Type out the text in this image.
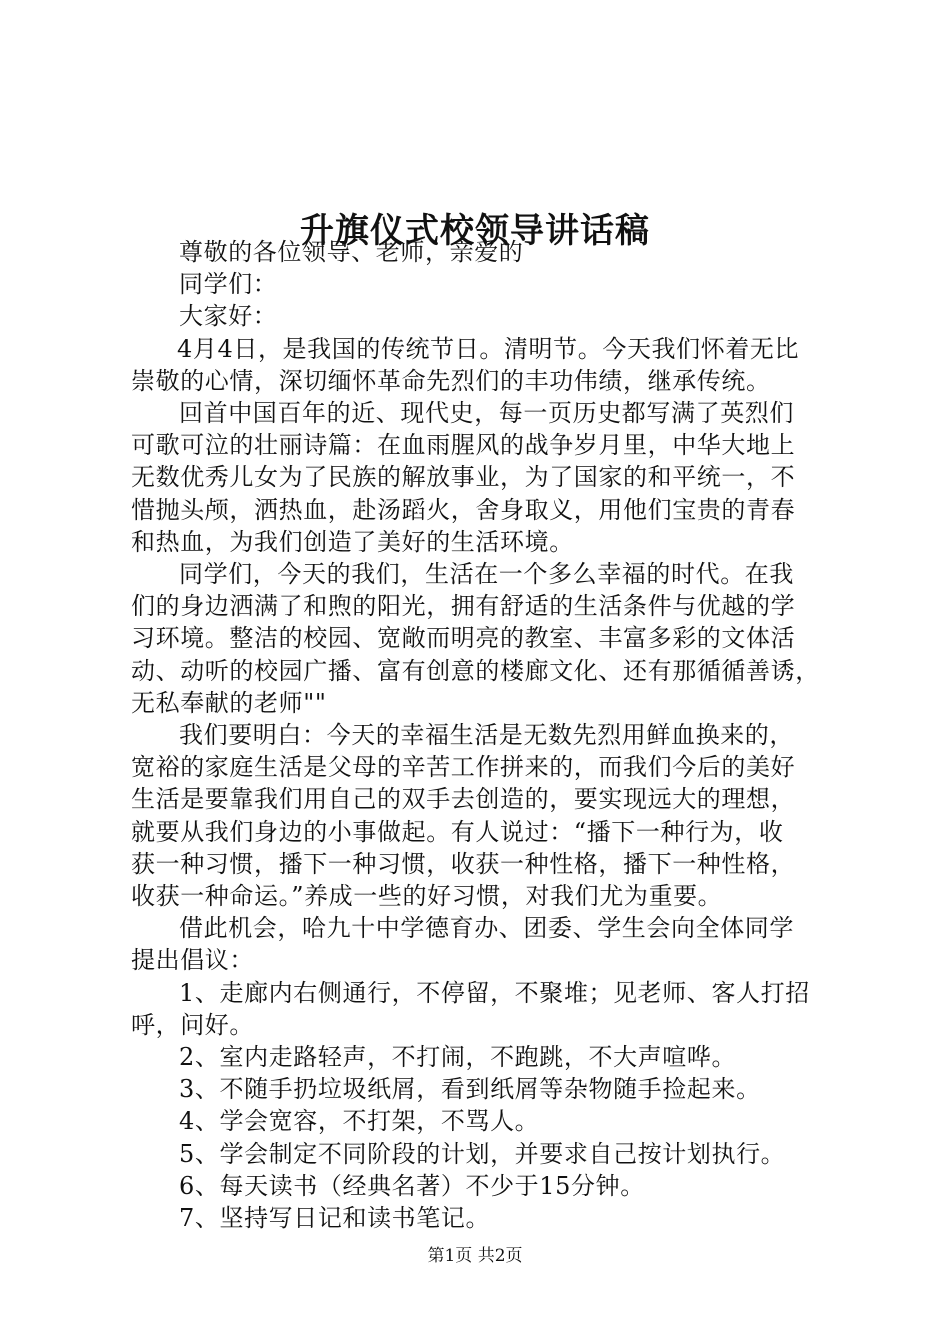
升旗仪式校领导讲话稿

尊敬的各位领导、老师，亲爱的

同学们：

大家好：

4月4日，是我国的传统节日。清明节。今天我们怀着无比

崇敬的心情，深切缅怀革命先烈们的丰功伟绩，继承传统。

回首中国百年的近、现代史，每一页历史都写满了英烈们

可歌可泣的壮丽诗篇：在血雨腥风的战争岁月里，中华大地上

无数优秀儿女为了民族的解放事业，为了国家的和平统一，不

惜抛头颅，洒热血，赴汤蹈火，舍身取义，用他们宝贵的青春

和热血，为我们创造了美好的生活环境。

同学们，今天的我们，生活在一个多么幸福的时代。在我

们的身边洒满了和煦的阳光，拥有舒适的生活条件与优越的学

习环境。整洁的校园、宽敞而明亮的教室、丰富多彩的文体活

动、动听的校园广播、富有创意的楼廊文化、还有那循循善诱，

无私奉献的老师""

我们要明白：今天的幸福生活是无数先烈用鲜血换来的，

宽裕的家庭生活是父母的辛苦工作拼来的，而我们今后的美好

生活是要靠我们用自己的双手去创造的，要实现远大的理想，

就要从我们身边的小事做起。有人说过：“播下一种行为，收

获一种习惯，播下一种习惯，收获一种性格，播下一种性格，

收获一种命运。”养成一些的好习惯，对我们尤为重要。

借此机会，哈九十中学德育办、团委、学生会向全体同学

提出倡议：

1、走廊内右侧通行，不停留，不聚堆；见老师、客人打招

呼，问好。

2、室内走路轻声，不打闹，不跑跳，不大声喧哗。

3、不随手扔垃圾纸屑，看到纸屑等杂物随手捡起来。

4、学会宽容，不打架，不骂人。

5、学会制定不同阶段的计划，并要求自己按计划执行。

6、每天读书（经典名著）不少于15分钟。

7、坚持写日记和读书笔记。

第1页 共2页
